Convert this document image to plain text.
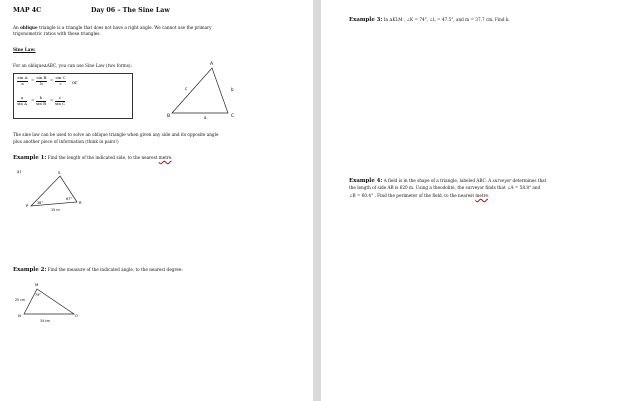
MAP 4C	Day 06 – The Sine Law
An oblique triangle is a triangle that does not have a right angle. We cannot use the primary
trigonometric ratios with these triangles.
Sine Law:
For an oblique∆ABC, you can use Sine Law (two forms):
$\frac{\text{sin A}}{a} = \frac{\text{sin B}}{b} = \frac{\text{sin C}}{c}$ or
$\frac{a}{\text{sin A}} = \frac{b}{\text{sin B}} = \frac{c}{\text{sin C}}$
A
B	C
c	b
a
The sine law can be used to solve an oblique triangle when given any side and its opposite angle
plus another piece of information (think in pairs!)
Example 1: Find the length of the indicated side, to the nearest metre.
a)
P
R
S
38°
67°
15 m
Example 2: Find the measure of the indicated angle, to the nearest degree:
M
N	O
79°
25 cm
34 cm
Example 3: In ∆KLM , ∠K = 74°, ∠L = 47.5°, and m = 37.7 cm. Find k.
Example 4: A field is in the shape of a triangle, labeled ABC. A surveyor determines that
the length of side AB is 620 m. Using a theodolite, the surveyor finds that ∠A = 58.8° and
∠B = 60.4° . Find the perimeter of the field, to the nearest metre.
